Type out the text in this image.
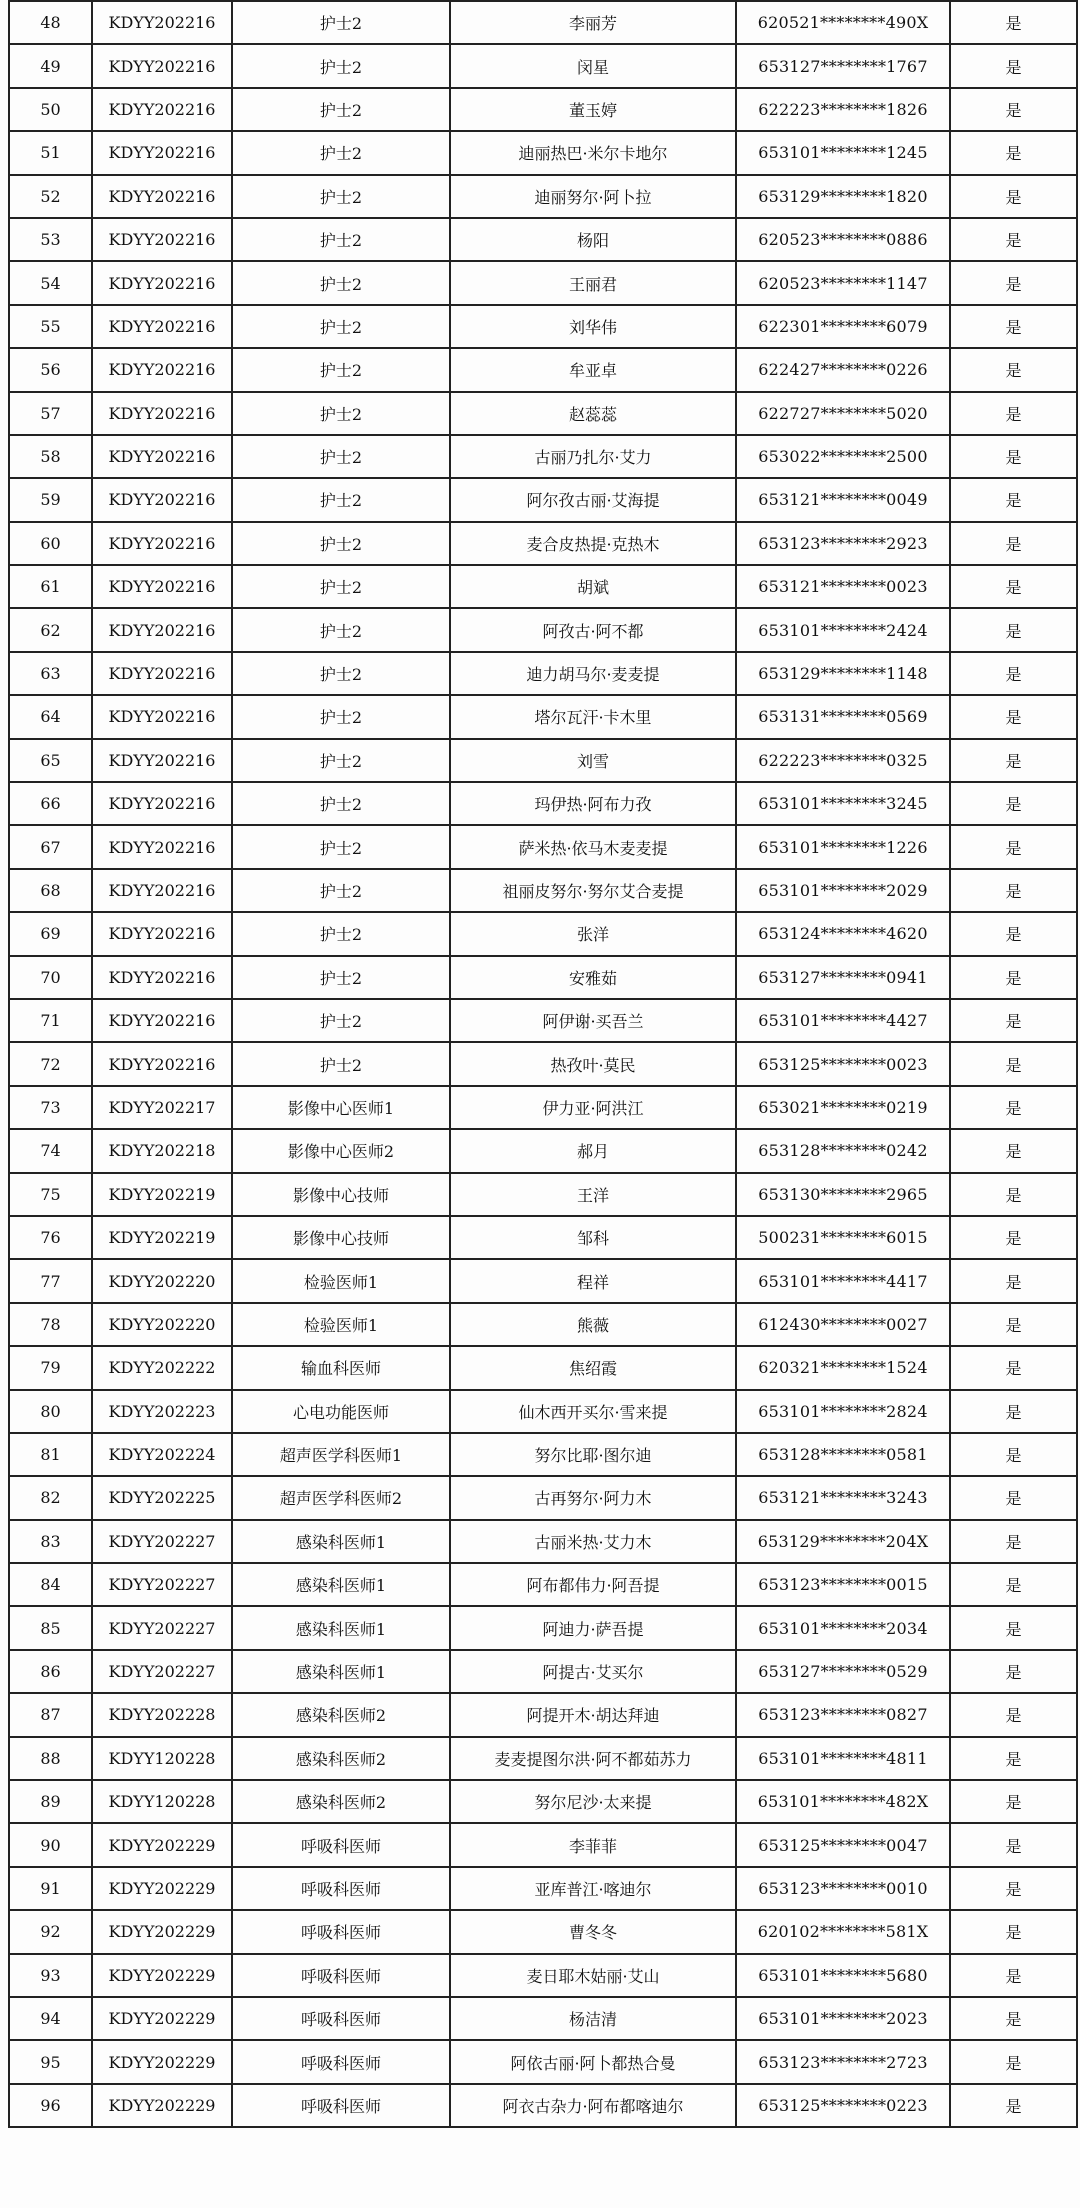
48	KDYY202216	护士2	李丽芳	620521********490X	是
49	KDYY202216	护士2	闵星	653127********1767	是
50	KDYY202216	护士2	董玉婷	622223********1826	是
51	KDYY202216	护士2	迪丽热巴·米尔卡地尔	653101********1245	是
52	KDYY202216	护士2	迪丽努尔·阿卜拉	653129********1820	是
53	KDYY202216	护士2	杨阳	620523********0886	是
54	KDYY202216	护士2	王丽君	620523********1147	是
55	KDYY202216	护士2	刘华伟	622301********6079	是
56	KDYY202216	护士2	牟亚卓	622427********0226	是
57	KDYY202216	护士2	赵蕊蕊	622727********5020	是
58	KDYY202216	护士2	古丽乃扎尔·艾力	653022********2500	是
59	KDYY202216	护士2	阿尔孜古丽·艾海提	653121********0049	是
60	KDYY202216	护士2	麦合皮热提·克热木	653123********2923	是
61	KDYY202216	护士2	胡斌	653121********0023	是
62	KDYY202216	护士2	阿孜古·阿不都	653101********2424	是
63	KDYY202216	护士2	迪力胡马尔·麦麦提	653129********1148	是
64	KDYY202216	护士2	塔尔瓦汗·卡木里	653131********0569	是
65	KDYY202216	护士2	刘雪	622223********0325	是
66	KDYY202216	护士2	玛伊热·阿布力孜	653101********3245	是
67	KDYY202216	护士2	萨米热·依马木麦麦提	653101********1226	是
68	KDYY202216	护士2	祖丽皮努尔·努尔艾合麦提	653101********2029	是
69	KDYY202216	护士2	张洋	653124********4620	是
70	KDYY202216	护士2	安雅茹	653127********0941	是
71	KDYY202216	护士2	阿伊谢·买吾兰	653101********4427	是
72	KDYY202216	护士2	热孜叶·莫民	653125********0023	是
73	KDYY202217	影像中心医师1	伊力亚·阿洪江	653021********0219	是
74	KDYY202218	影像中心医师2	郝月	653128********0242	是
75	KDYY202219	影像中心技师	王洋	653130********2965	是
76	KDYY202219	影像中心技师	邹科	500231********6015	是
77	KDYY202220	检验医师1	程祥	653101********4417	是
78	KDYY202220	检验医师1	熊薇	612430********0027	是
79	KDYY202222	输血科医师	焦绍霞	620321********1524	是
80	KDYY202223	心电功能医师	仙木西开买尔·雪来提	653101********2824	是
81	KDYY202224	超声医学科医师1	努尔比耶·图尔迪	653128********0581	是
82	KDYY202225	超声医学科医师2	古再努尔·阿力木	653121********3243	是
83	KDYY202227	感染科医师1	古丽米热·艾力木	653129********204X	是
84	KDYY202227	感染科医师1	阿布都伟力·阿吾提	653123********0015	是
85	KDYY202227	感染科医师1	阿迪力·萨吾提	653101********2034	是
86	KDYY202227	感染科医师1	阿提古·艾买尔	653127********0529	是
87	KDYY202228	感染科医师2	阿提开木·胡达拜迪	653123********0827	是
88	KDYY120228	感染科医师2	麦麦提图尔洪·阿不都茹苏力	653101********4811	是
89	KDYY120228	感染科医师2	努尔尼沙·太来提	653101********482X	是
90	KDYY202229	呼吸科医师	李菲菲	653125********0047	是
91	KDYY202229	呼吸科医师	亚库普江·喀迪尔	653123********0010	是
92	KDYY202229	呼吸科医师	曹冬冬	620102********581X	是
93	KDYY202229	呼吸科医师	麦日耶木姑丽·艾山	653101********5680	是
94	KDYY202229	呼吸科医师	杨洁清	653101********2023	是
95	KDYY202229	呼吸科医师	阿依古丽·阿卜都热合曼	653123********2723	是
96	KDYY202229	呼吸科医师	阿衣古杂力·阿布都喀迪尔	653125********0223	是
